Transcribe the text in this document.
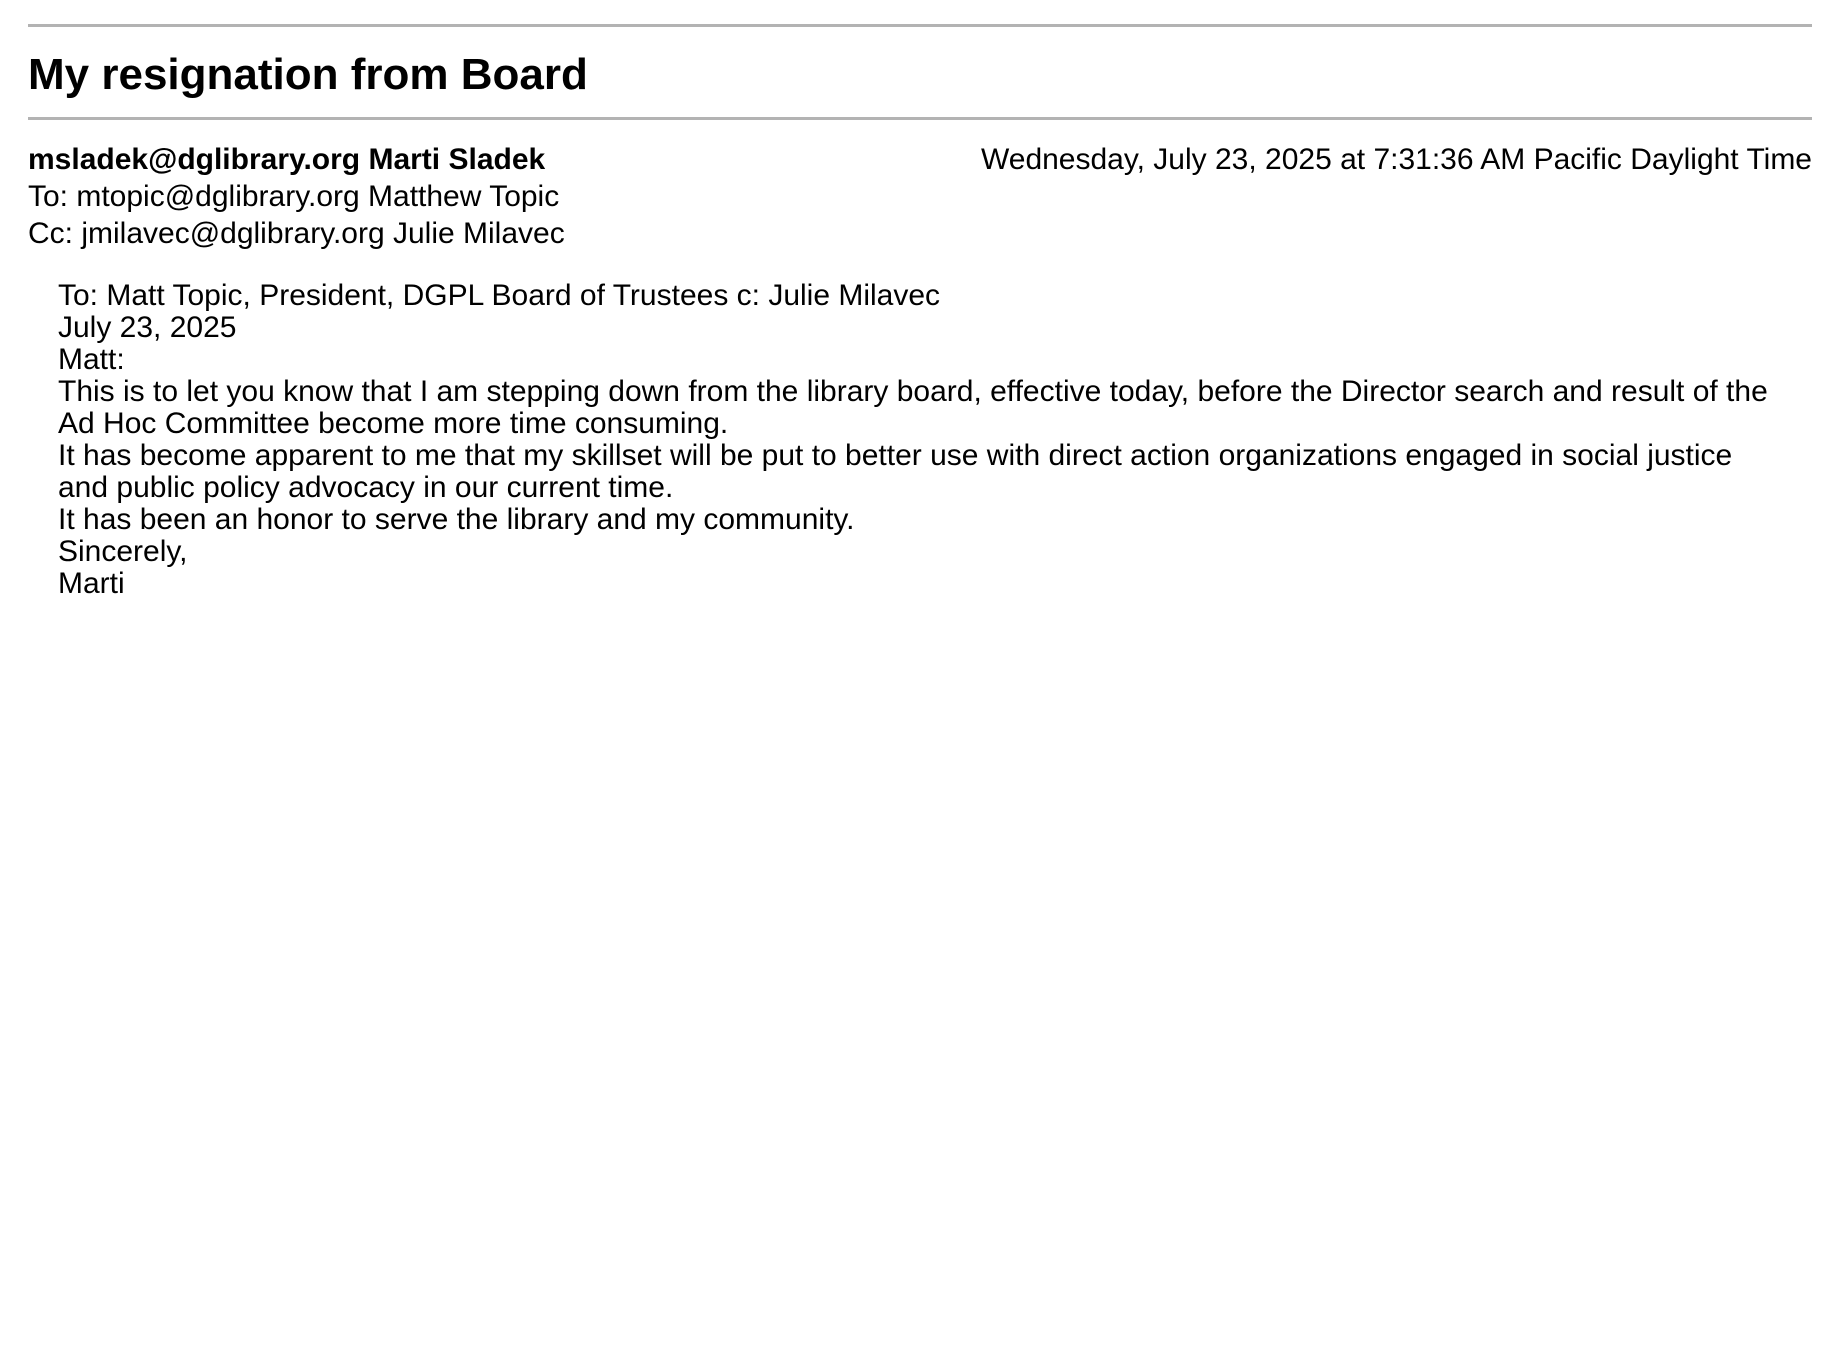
My resignation from Board
msladek@dglibrary.org Marti Sladek	Wednesday, July 23, 2025 at 7:31:36 AM Pacific Daylight Time
To: mtopic@dglibrary.org Matthew Topic
Cc: jmilavec@dglibrary.org Julie Milavec

To: Matt Topic, President, DGPL Board of Trustees c: Julie Milavec

July 23, 2025

Matt:

This is to let you know that I am stepping down from the library board, effective today, before the Director search and result of the Ad Hoc Committee become more time consuming.

It has become apparent to me that my skillset will be put to better use with direct action organizations engaged in social justice and public policy advocacy in our current time.

It has been an honor to serve the library and my community.

Sincerely,

Marti
